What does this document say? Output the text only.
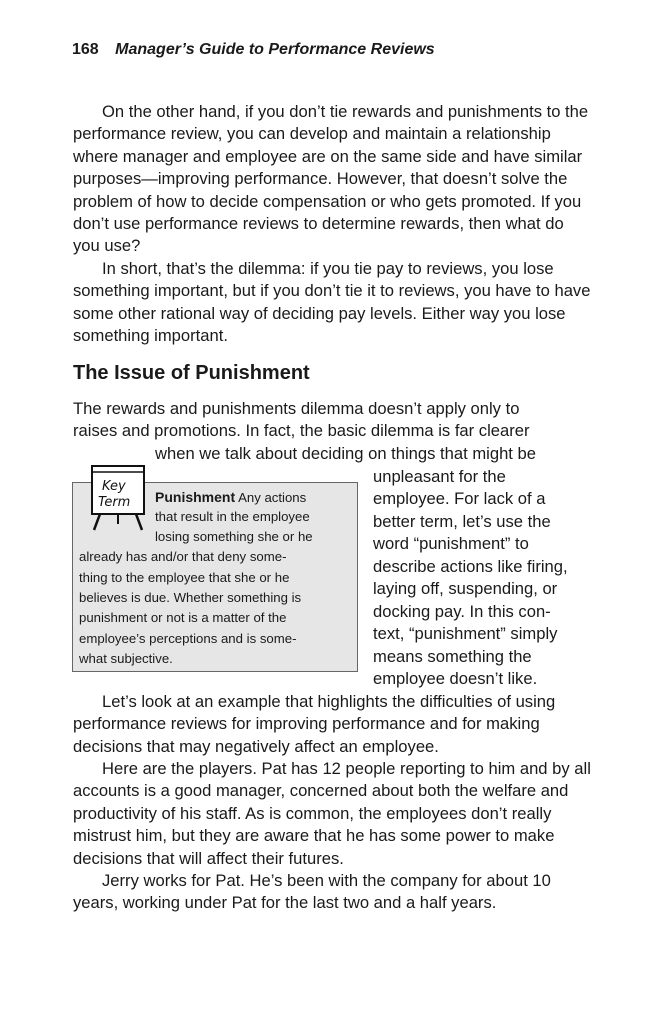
168 Manager’s Guide to Performance Reviews

On the other hand, if you don’t tie rewards and punishments to the performance review, you can develop and maintain a relationship where manager and employee are on the same side and have similar purposes—improving performance. However, that doesn’t solve the problem of how to decide compensation or who gets promoted. If you don’t use performance reviews to determine rewards, then what do you use?

In short, that’s the dilemma: if you tie pay to reviews, you lose something important, but if you don’t tie it to reviews, you have to have some other rational way of deciding pay levels. Either way you lose something important.

The Issue of Punishment
The rewards and punishments dilemma doesn’t apply only to
raises and promotions. In fact, the basic dilemma is far clearer
when we talk about deciding on things that might be
unpleasant for the
employee. For lack of a
better term, let’s use the
word “punishment” to
describe actions like firing,
laying off, suspending, or
docking pay. In this con-
text, “punishment” simply
means something the
employee doesn’t like.
Key
Term Punishment Any actions
that result in the employee
losing something she or he
already has and/or that deny some-
thing to the employee that she or he
believes is due. Whether something is
punishment or not is a matter of the
employee’s perceptions and is some-
what subjective.

Let’s look at an example that highlights the difficulties of using performance reviews for improving performance and for making decisions that may negatively affect an employee.

Here are the players. Pat has 12 people reporting to him and by all accounts is a good manager, concerned about both the welfare and productivity of his staff. As is common, the employees don’t really mistrust him, but they are aware that he has some power to make decisions that will affect their futures.

Jerry works for Pat. He’s been with the company for about 10 years, working under Pat for the last two and a half years.
